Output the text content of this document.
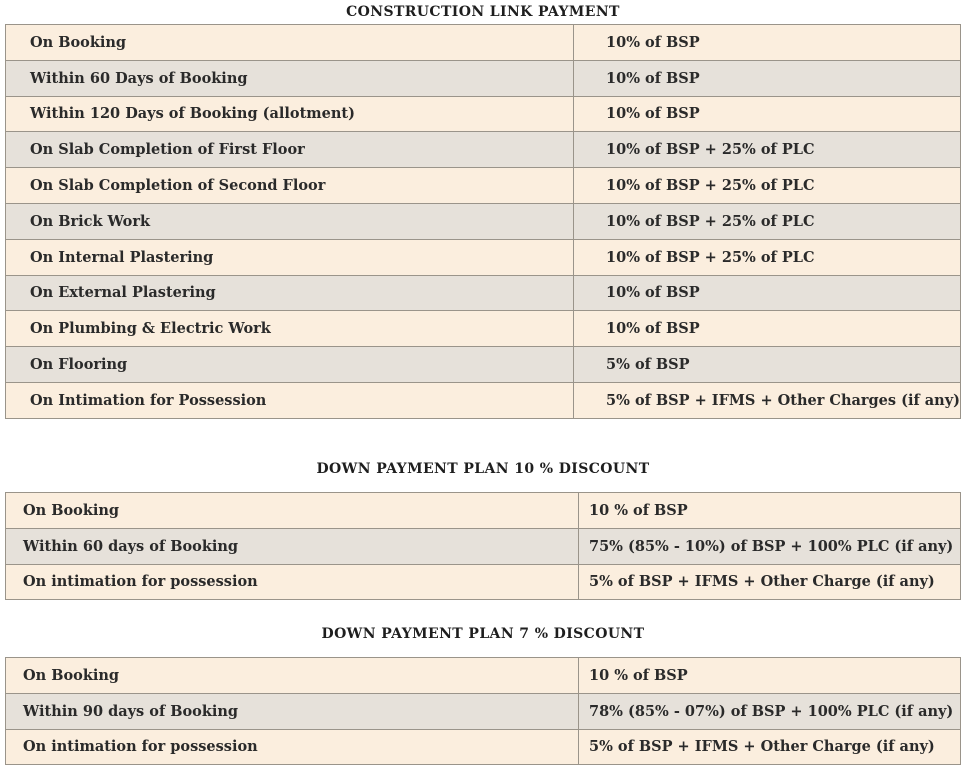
CONSTRUCTION LINK PAYMENT
On Booking	10% of BSP
Within 60 Days of Booking	10% of BSP
Within 120 Days of Booking (allotment)	10% of BSP
On Slab Completion of First Floor	10% of BSP + 25% of PLC
On Slab Completion of Second Floor	10% of BSP + 25% of PLC
On Brick Work	10% of BSP + 25% of PLC
On Internal Plastering	10% of BSP + 25% of PLC
On External Plastering	10% of BSP
On Plumbing & Electric Work	10% of BSP
On Flooring	5% of BSP
On Intimation for Possession	5% of BSP + IFMS + Other Charges (if any)
DOWN PAYMENT PLAN 10 % DISCOUNT
On Booking	10 % of BSP
Within 60 days of Booking	75% (85% - 10%) of BSP + 100% PLC (if any)
On intimation for possession	5% of BSP + IFMS + Other Charge (if any)
DOWN PAYMENT PLAN 7 % DISCOUNT
On Booking	10 % of BSP
Within 90 days of Booking	78% (85% - 07%) of BSP + 100% PLC (if any)
On intimation for possession	5% of BSP + IFMS + Other Charge (if any)
